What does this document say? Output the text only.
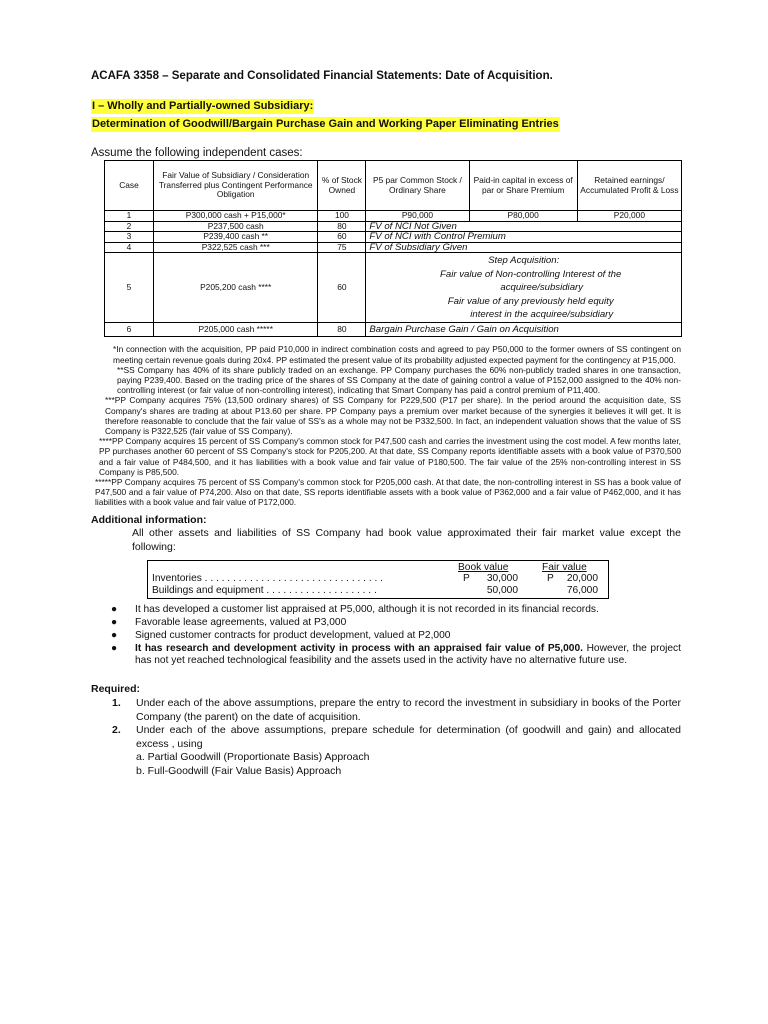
ACAFA 3358 – Separate and Consolidated Financial Statements: Date of Acquisition.
I – Wholly and Partially-owned Subsidiary:
Determination of Goodwill/Bargain Purchase Gain and Working Paper Eliminating Entries
Assume the following independent cases:
Case	Fair Value of Subsidiary / Consideration Transferred plus Contingent Performance Obligation	% of Stock Owned	P5 par Common Stock / Ordinary Share	Paid-in capital in excess of par or Share Premium	Retained earnings/ Accumulated Profit & Loss
1	P300,000 cash + P15,000*	100	P90,000	P80,000	P20,000
2	P237,500 cash	80	FV of NCI Not Given		
3	P239,400 cash **	60	FV of NCI with Control Premium		
4	P322,525 cash ***	75	FV of Subsidiary Given		
5	P205,200 cash ****	60	Step Acquisition:
Fair value of Non-controlling Interest of the
acquiree/subsidiary
Fair value of any previously held equity
interest in the acquiree/subsidiary		

6	P205,000 cash *****	80	Bargain Purchase Gain / Gain on Acquisition		
*In connection with the acquisition, PP paid P10,000 in indirect combination costs and agreed to pay P50,000 to the former owners of SS contingent on meeting certain revenue goals during 20x4. PP estimated the present value of its probability adjusted expected payment for the contingency at P15,000.
**SS Company has 40% of its share publicly traded on an exchange. PP Company purchases the 60% non-publicly traded shares in one transaction, paying P239,400. Based on the trading price of the shares of SS Company at the date of gaining control a value of P152,000 assigned to the 40% non-controlling interest (or fair value of non-controlling interest), indicating that Smart Company has paid a control premium of P11,400.
***PP Company acquires 75% (13,500 ordinary shares) of SS Company for P229,500 (P17 per share). In the period around the acquisition date, SS Company's shares are trading at about P13.60 per share. PP Company pays a premium over market because of the synergies it believes it will get. It is therefore reasonable to conclude that the fair value of SS's as a whole may not be P332,500. In fact, an independent valuation shows that the value of SS Company is P322,525 (fair value of SS Company).
****PP Company acquires 15 percent of SS Company's common stock for P47,500 cash and carries the investment using the cost model. A few months later, PP purchases another 60 percent of SS Company's stock for P205,200. At that date, SS Company reports identifiable assets with a book value of P370,500 and a fair value of P484,500, and it has liabilities with a book value and fair value of P180,500. The fair value of the 25% non-controlling interest in SS Company is P85,500.
*****PP Company acquires 75 percent of SS Company's common stock for P205,000 cash. At that date, the non-controlling interest in SS has a book value of P47,500 and a fair value of P74,200. Also on that date, SS reports identifiable assets with a book value of P362,000 and a fair value of P462,000, and it has liabilities with a book value and fair value of P172,000.
Additional information:
All other assets and liabilities of SS Company had book value approximated their fair market value except the following:
Book value	Fair value
Inventories . . . . . . . . . . . . . . . . . . . . . . . . . . . . . . . .	P 30,000	P 20,000
Buildings and equipment . . . . . . . . . . . . . . . . . . . .	50,000	76,000
● It has developed a customer list appraised at P5,000, although it is not recorded in its financial records.
● Favorable lease agreements, valued at P3,000
● Signed customer contracts for product development, valued at P2,000
● It has research and development activity in process with an appraised fair value of P5,000. However, the project has not yet reached technological feasibility and the assets used in the activity have no alternative future use.
Required:
1. Under each of the above assumptions, prepare the entry to record the investment in subsidiary in books of the Porter Company (the parent) on the date of acquisition.
2. Under each of the above assumptions, prepare schedule for determination (of goodwill and gain) and allocated excess , using
a. Partial Goodwill (Proportionate Basis) Approach
b. Full-Goodwill (Fair Value Basis) Approach
